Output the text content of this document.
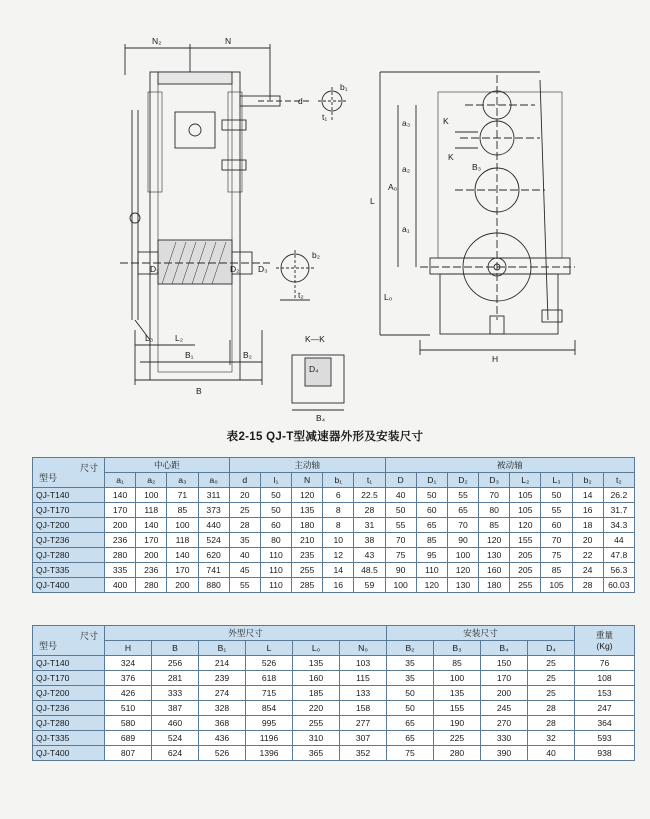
N₂	N
d
b₁
t₁
a₃
a₂
A₀
a₁
L
L₀
K
K
B₃
H
D₁	D₂ D₃
b₂
t₂
L₃	L₂
B₁	B₂
B
K—K
D₄
B₄
表2-15 QJ-T型减速器外形及安装尺寸
尺寸
型号	中心距				主动轴					被动轴							
	a₁	a₂	a₃	a₀	d	l₁	N	b₁	t₁	D	D₁	D₂	D₃	L₂	L₃	b₂	t₂
QJ-T140	140	100	71	311	20	50	120	6	22.5	40	50	55	70	105	50	14	26.2
QJ-T170	170	118	85	373	25	50	135	8	28	50	60	65	80	105	55	16	31.7
QJ-T200	200	140	100	440	28	60	180	8	31	55	65	70	85	120	60	18	34.3
QJ-T236	236	170	118	524	35	80	210	10	38	70	85	90	120	155	70	20	44
QJ-T280	280	200	140	620	40	110	235	12	43	75	95	100	130	205	75	22	47.8
QJ-T335	335	236	170	741	45	110	255	14	48.5	90	110	120	160	205	85	24	56.3
QJ-T400	400	280	200	880	55	110	285	16	59	100	120	130	180	255	105	28	60.03
尺寸
型号	外型尺寸						安装尺寸				重量
(Kg)
	H	B	B₁	L	L₀	N₀	B₂	B₃	B₄	D₄	
QJ-T140	324	256	214	526	135	103	35	85	150	25	76
QJ-T170	376	281	239	618	160	115	35	100	170	25	108
QJ-T200	426	333	274	715	185	133	50	135	200	25	153
QJ-T236	510	387	328	854	220	158	50	155	245	28	247
QJ-T280	580	460	368	995	255	277	65	190	270	28	364
QJ-T335	689	524	436	1196	310	307	65	225	330	32	593
QJ-T400	807	624	526	1396	365	352	75	280	390	40	938
